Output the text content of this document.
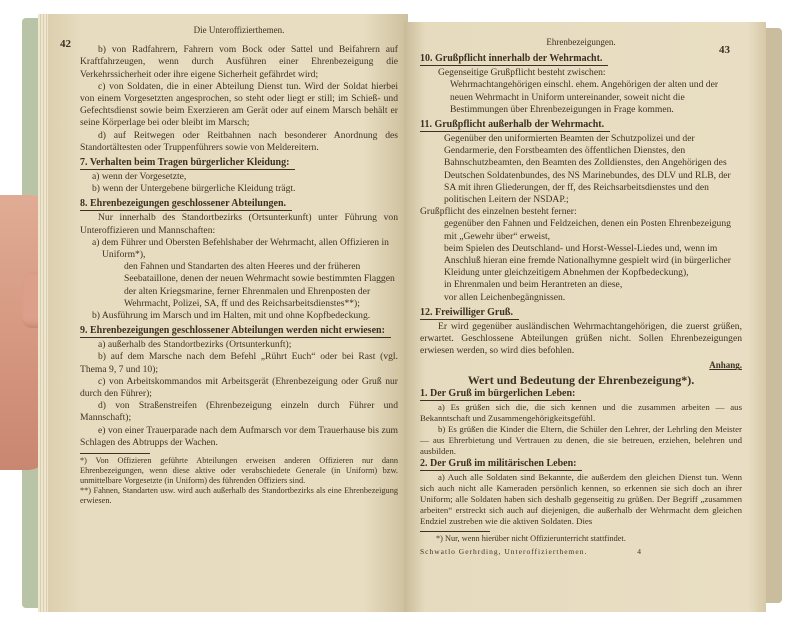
42
Die Unteroffizierthemen.

b) von Radfahrern, Fahrern vom Bock oder Sattel und Beifahrern auf Kraftfahrzeugen, wenn durch Ausführen einer Ehrenbezeigung die Verkehrssicherheit oder ihre eigene Sicherheit gefährdet wird;

c) von Soldaten, die in einer Abteilung Dienst tun. Wird der Soldat hierbei von einem Vorgesetzten angesprochen, so steht oder liegt er still; im Schieß- und Gefechtsdienst sowie beim Exerzieren am Gerät oder auf einem Marsch behält er seine Körperlage bei oder bleibt im Marsch;

d) auf Reitwegen oder Reitbahnen nach besonderer Anordnung des Standortältesten oder Truppenführers sowie von Meldereitern.

7. Verhalten beim Tragen bürgerlicher Kleidung:

a) wenn der Vorgesetzte,

b) wenn der Untergebene bürgerliche Kleidung trägt.

8. Ehrenbezeigungen geschlossener Abteilungen.

Nur innerhalb des Standortbezirks (Ortsunterkunft) unter Führung von Unteroffizieren und Mannschaften:

a) dem Führer und Obersten Befehlshaber der Wehrmacht, allen Offizieren in Uniform*),

den Fahnen und Standarten des alten Heeres und der früheren Seebataillone, denen der neuen Wehrmacht sowie bestimmten Flaggen der alten Kriegsmarine, ferner Ehrenmalen und Ehrenposten der Wehrmacht, Polizei, SA, ff und des Reichsarbeitsdienstes**);

b) Ausführung im Marsch und im Halten, mit und ohne Kopfbedeckung.

9. Ehrenbezeigungen geschlossener Abteilungen werden nicht erwiesen:

a) außerhalb des Standortbezirks (Ortsunterkunft);

b) auf dem Marsche nach dem Befehl „Rührt Euch“ oder bei Rast (vgl. Thema 9, 7 und 10);

c) von Arbeitskommandos mit Arbeitsgerät (Ehrenbezeigung oder Gruß nur durch den Führer);

d) von Straßenstreifen (Ehrenbezeigung einzeln durch Führer und Mannschaft);

e) von einer Trauerparade nach dem Aufmarsch vor dem Trauerhause bis zum Schlagen des Abtrupps der Wachen.

*) Von Offizieren geführte Abteilungen erweisen anderen Offizieren nur dann Ehrenbezeigungen, wenn diese aktive oder verabschiedete Generale (in Uniform) bzw. unmittelbare Vorgesetzte (in Uniform) des führenden Offiziers sind.

**) Fahnen, Standarten usw. wird auch außerhalb des Standortbezirks als eine Ehrenbezeigung erwiesen.

43
Ehrenbezeigungen.
10. Grußpflicht innerhalb der Wehrmacht.

Gegenseitige Grußpflicht besteht zwischen:

Wehrmachtangehörigen einschl. ehem. Angehörigen der alten und der neuen Wehrmacht in Uniform untereinander, soweit nicht die Bestimmungen über Ehrenbezeigungen in Frage kommen.

11. Grußpflicht außerhalb der Wehrmacht.

Gegenüber den uniformierten Beamten der Schutzpolizei und der Gendarmerie, den Forstbeamten des öffentlichen Dienstes, den Bahnschutzbeamten, den Beamten des Zolldienstes, den Angehörigen des Deutschen Soldatenbundes, des NS Marinebundes, des DLV und RLB, der SA mit ihren Gliederungen, der ff, des Reichsarbeitsdienstes und den politischen Leitern der NSDAP.;

Grußpflicht des einzelnen besteht ferner:

gegenüber den Fahnen und Feldzeichen, denen ein Posten Ehrenbezeigung mit „Gewehr über“ erweist,

beim Spielen des Deutschland- und Horst-Wessel-Liedes und, wenn im Anschluß hieran eine fremde Nationalhymne gespielt wird (in bürgerlicher Kleidung unter gleichzeitigem Abnehmen der Kopfbedeckung),

in Ehrenmalen und beim Herantreten an diese,

vor allen Leichenbegängnissen.

12. Freiwilliger Gruß.

Er wird gegenüber ausländischen Wehrmachtangehörigen, die zuerst grüßen, erwartet. Geschlossene Abteilungen grüßen nicht. Sollen Ehrenbezeigungen erwiesen werden, so wird dies befohlen.

Anhang.
Wert und Bedeutung der Ehrenbezeigung*).
1. Der Gruß im bürgerlichen Leben:

a) Es grüßen sich die, die sich kennen und die zusammen arbeiten — aus Bekanntschaft und Zusammengehörigkeitsgefühl.

b) Es grüßen die Kinder die Eltern, die Schüler den Lehrer, der Lehrling den Meister — aus Ehrerbietung und Vertrauen zu denen, die sie betreuen, erziehen, belehren und ausbilden.

2. Der Gruß im militärischen Leben:

a) Auch alle Soldaten sind Bekannte, die außerdem den gleichen Dienst tun. Wenn sich auch nicht alle Kameraden persönlich kennen, so erkennen sie sich doch an ihrer Uniform; alle Soldaten haben sich deshalb gegenseitig zu grüßen. Der Begriff „zusammen arbeiten“ erstreckt sich auch auf diejenigen, die außerhalb der Wehrmacht dem gleichen Endziel zustreben wie die aktiven Soldaten. Dies

*) Nur, wenn hierüber nicht Offizierunterricht stattfindet.

Schwatlo Gerhrding, Unteroffizierthemen.	4
